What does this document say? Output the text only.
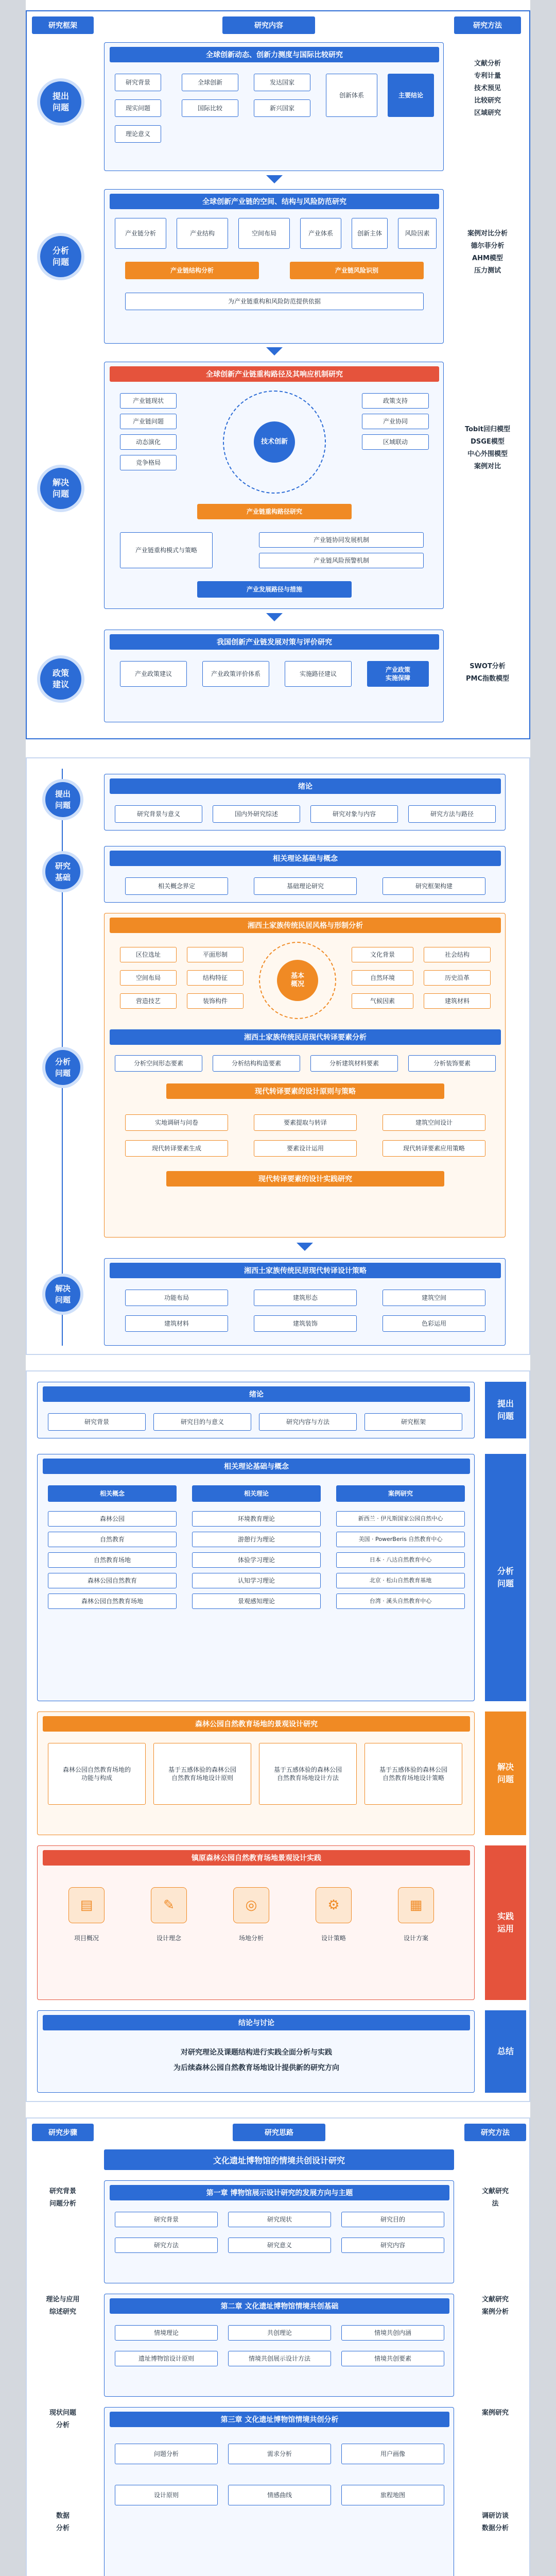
研究框架	研究内容	研究方法
提出
问题
分析
问题
解决
问题
政策
建议
全球创新动态、创新力测度与国际比较研究
研究背景
现实问题
理论意义
全球创新
国际比较
发达国家
新兴国家
创新体系	主要结论
文献分析
专利计量
技术预见
比较研究
区域研究
全球创新产业链的空间、结构与风险防范研究
产业链分析	产业结构	空间布局	产业体系	创新主体	风险因素
产业链结构分析	产业链风险识别
为产业链重构和风险防范提供依据
案例对比分析
德尔菲分析
AHM模型
压力测试
全球创新产业链重构路径及其响应机制研究
产业链现状
产业链问题
动态演化
竞争格局
技术创新
政策支持
产业协同
区域联动
产业链重构路径研究
产业链重构模式与策略
产业链协同发展机制
产业链风险预警机制
产业发展路径与措施
Tobit回归模型
DSGE模型
中心外围模型
案例对比
我国创新产业链发展对策与评价研究
产业政策建议	产业政策评价体系	实施路径建议
产业政策
实施保障
SWOT分析
PMC指数模型
提出
问题
研究
基础
分析
问题
解决
问题
绪论
研究背景与意义	国内外研究综述	研究对象与内容	研究方法与路径
相关理论基础与概念
相关概念界定	基础理论研究	研究框架构建
湘西土家族传统民居风格与形制分析
区位选址	平面形制
空间布局	结构特征
营造技艺	装饰构件
基本
概况
文化背景	社会结构
自然环境	历史沿革
气候因素	建筑材料
湘西土家族传统民居现代转译要素分析
分析空间形态要素	分析结构构造要素	分析建筑材料要素	分析装饰要素
现代转译要素的设计原则与策略
实地调研与问卷	要素提取与转译	建筑空间设计
现代转译要素生成	要素设计运用	现代转译要素应用策略
现代转译要素的设计实践研究
湘西土家族传统民居现代转译设计策略
功能布局	建筑形态	建筑空间
建筑材料	建筑装饰	色彩运用
提出
问题
分析
问题
解决
问题
实践
运用
总结
绪论
研究背景	研究目的与意义	研究内容与方法	研究框架
相关理论基础与概念
相关概念
森林公园
自然教育
自然教育场地
森林公园自然教育
森林公园自然教育场地
相关理论
环境教育理论
游憩行为理论
体验学习理论
认知学习理论
景观感知理论
案例研究
新西兰 · 伊凡斯国家公园自然中心
美国 · PowerBeris 自然教育中心
日本 · 八达自然教育中心
北京 · 松山自然教育基地
台湾 · 溪头自然教育中心
森林公园自然教育场地的景观设计研究
森林公园自然教育场地的
功能与构成
基于五感体验的森林公园
自然教育场地设计原则
基于五感体验的森林公园
自然教育场地设计方法
基于五感体验的森林公园
自然教育场地设计策略
镇原森林公园自然教育场地景观设计实践
▤	✎	◎	⚙	▦
项目概况	设计理念	场地分析	设计策略	设计方案
结论与讨论
对研究理论及课题结构进行实践全面分析与实践
为后续森林公园自然教育场地设计提供新的研究方向
研究步骤	研究思路	研究方法
文化遗址博物馆的情境共创设计研究
研究背景
问题分析
理论与应用
综述研究
现状问题
分析
数据
分析
文献研究
法
文献研究
案例分析
案例研究
调研访谈
数据分析
第一章 博物馆展示设计研究的发展方向与主题
研究背景	研究现状	研究目的
研究方法	研究意义	研究内容
第二章 文化遗址博物馆情境共创基础
情境理论	共创理论	情境共创内涵
遗址博物馆设计原则	情境共创展示设计方法	情境共创要素
第三章 文化遗址博物馆情境共创分析
问题分析	需求分析	用户画像
设计原则	情感曲线	旅程地图
